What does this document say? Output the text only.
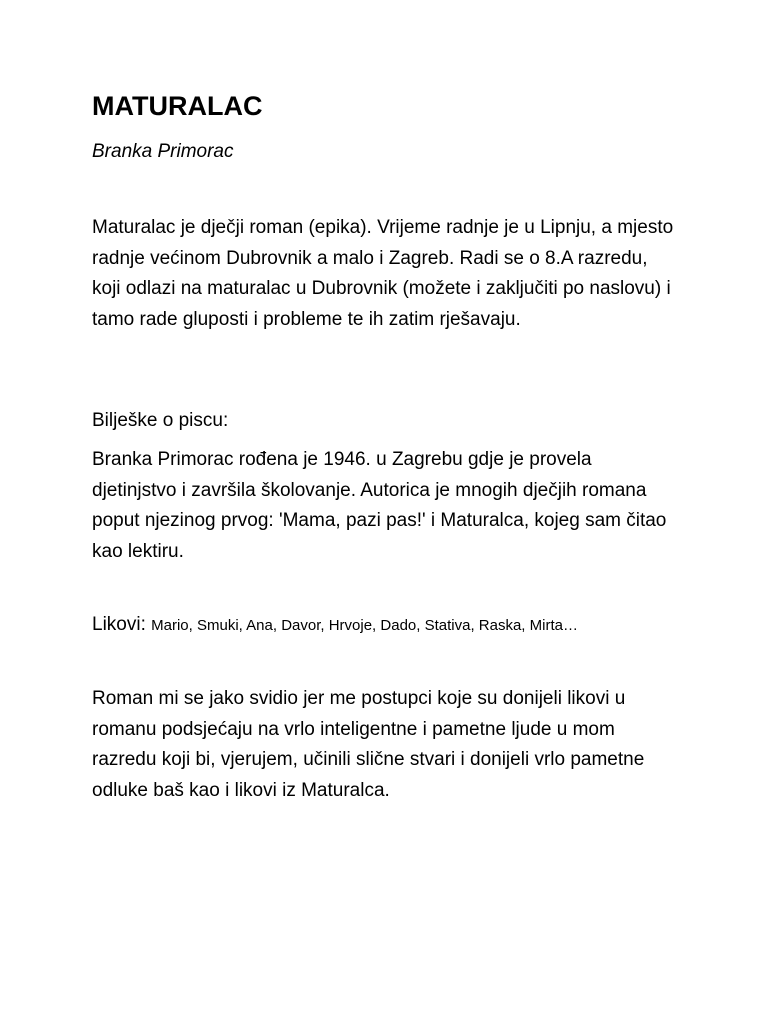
MATURALAC

Branka Primorac

Maturalac je dječji roman (epika). Vrijeme radnje je u Lipnju, a mjesto radnje većinom Dubrovnik a malo i Zagreb. Radi se o 8.A razredu, koji odlazi na maturalac u Dubrovnik (možete i zaključiti po naslovu) i tamo rade gluposti i probleme te ih zatim rješavaju.

Bilješke o piscu:

Branka Primorac rođena je 1946. u Zagrebu gdje je provela djetinjstvo i završila školovanje. Autorica je mnogih dječjih romana poput njezinog prvog: 'Mama, pazi pas!' i Maturalca, kojeg sam čitao kao lektiru.

Likovi: Mario, Smuki, Ana, Davor, Hrvoje, Dado, Stativa, Raska, Mirta…

Roman mi se jako svidio jer me postupci koje su donijeli likovi u romanu podsjećaju na vrlo inteligentne i pametne ljude u mom razredu koji bi, vjerujem, učinili slične stvari i donijeli vrlo pametne odluke baš kao i likovi iz Maturalca.
